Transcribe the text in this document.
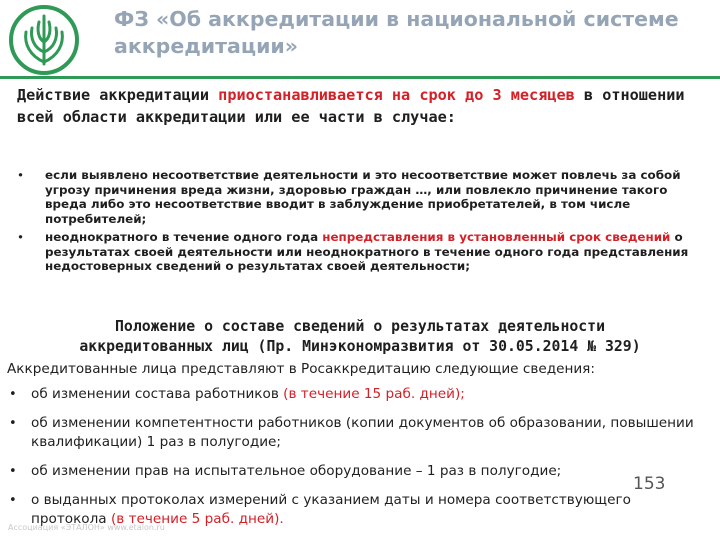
ФЗ «Об аккредитации в национальной системе
аккредитации»
Действие аккредитации приостанавливается на срок до 3 месяцев в отношении всей области аккредитации или ее части в случае:
•	если выявлено несоответствие деятельности и это несоответствие может повлечь за собой угрозу причинения вреда жизни, здоровью граждан …, или повлекло причинение такого вреда либо это несоответствие вводит в заблуждение приобретателей, в том числе потребителей;
•	неоднократного в течение одного года непредставления в установленный срок сведений о результатах своей деятельности или неоднократного в течение одного года представления недостоверных сведений о результатах своей деятельности;
Положение о составе сведений о результатах деятельности
аккредитованных лиц (Пр. Минэкономразвития от 30.05.2014 № 329)
Аккредитованные лица представляют в Росаккредитацию следующие сведения:
•	об изменении состава работников (в течение 15 раб. дней);
•	об изменении компетентности работников (копии документов об образовании, повышении квалификации) 1 раз в полугодие;
•	об изменении прав на испытательное оборудование – 1 раз в полугодие;
•	о выданных протоколах измерений с указанием даты и номера соответствующего протокола (в течение 5 раб. дней).
Ассоциация «ЭТАЛОН» www.etalon.ru
153
